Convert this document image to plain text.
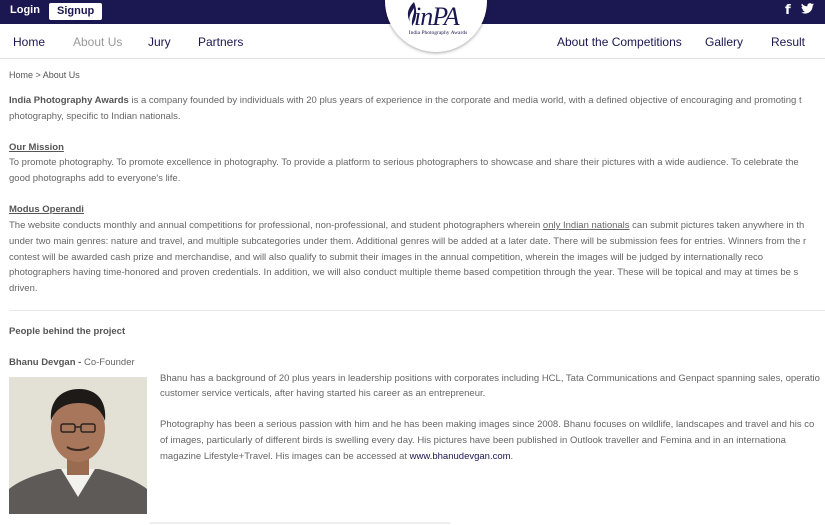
Login	Signup	f
inPA
India Photography Awards
Home About Us Jury Partners	About the Competitions Gallery Result
Home > About Us
India Photography Awards is a company founded by individuals with 20 plus years of experience in the corporate and media world, with a defined objective of encouraging and promoting t
photography, specific to Indian nationals.
Our Mission
To promote photography. To promote excellence in photography. To provide a platform to serious photographers to showcase and share their pictures with a wide audience. To celebrate the
good photographs add to everyone's life.
Modus Operandi
The website conducts monthly and annual competitions for professional, non-professional, and student photographers wherein only Indian nationals can submit pictures taken anywhere in th
under two main genres: nature and travel, and multiple subcategories under them. Additional genres will be added at a later date. There will be submission fees for entries. Winners from the r
contest will be awarded cash prize and merchandise, and will also qualify to submit their images in the annual competition, wherein the images will be judged by internationally reco
photographers having time-honored and proven credentials. In addition, we will also conduct multiple theme based competition through the year. These will be topical and may at times be s
driven.
People behind the project
Bhanu Devgan - Co-Founder
Bhanu has a background of 20 plus years in leadership positions with corporates including HCL, Tata Communications and Genpact spanning sales, operatio
customer service verticals, after having started his career as an entrepreneur.
Photography has been a serious passion with him and he has been making images since 2008. Bhanu focuses on wildlife, landscapes and travel and his co
of images, particularly of different birds is swelling every day. His pictures have been published in Outlook traveller and Femina and in an internationa
magazine Lifestyle+Travel. His images can be accessed at www.bhanudevgan.com.
